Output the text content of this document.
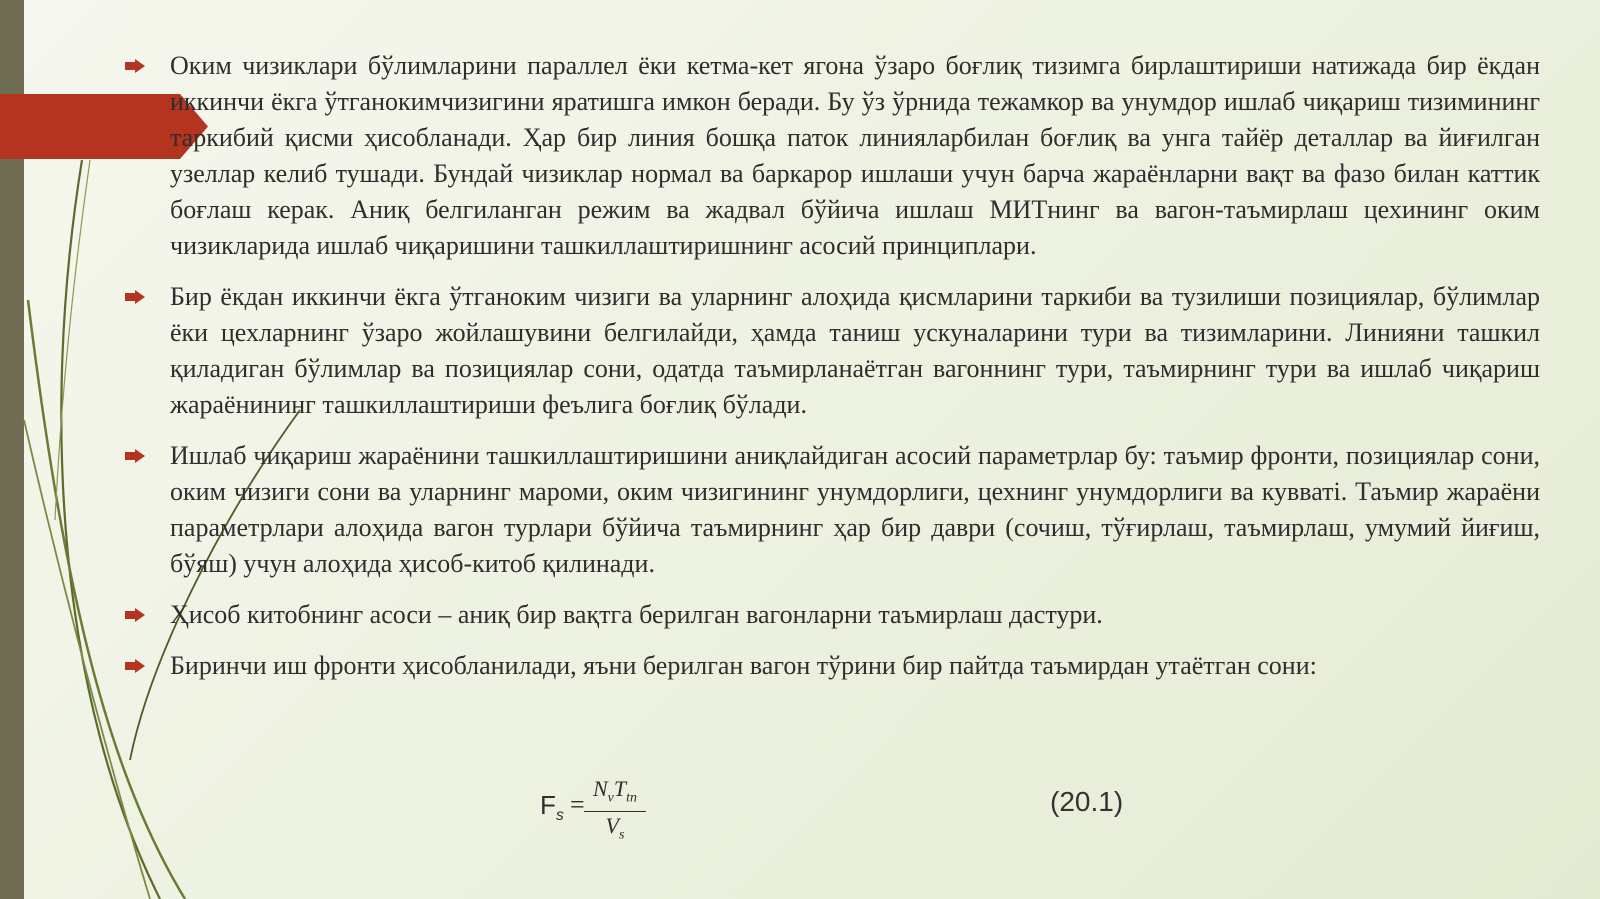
Оким чизиклари бўлимларини параллел ёки кетма-кет ягона ўзаро боғлиқ тизимга бирлаштириши натижада бир ёкдан иккинчи ёкга ўтганокимчизигини яратишга имкон беради. Бу ўз ўрнида тежамкор ва унумдор ишлаб чиқариш тизимининг таркибий қисми ҳисобланади. Ҳар бир линия бошқа паток линияларбилан боғлиқ ва унга тайёр деталлар ва йиғилган узеллар келиб тушади. Бундай чизиклар нормал ва баркарор ишлаши учун барча жараёнларни вақт ва фазо билан каттик боғлаш керак. Аниқ белгиланган режим ва жадвал бўйича ишлаш МИТнинг ва вагон-таъмирлаш цехининг оким чизикларида ишлаб чиқаришини ташкиллаштиришнинг асосий принциплари.
Бир ёкдан иккинчи ёкга ўтганоким чизиги ва уларнинг алоҳида қисмларини таркиби ва тузилиши позициялар, бўлимлар ёки цехларнинг ўзаро жойлашувини белгилайди, ҳамда таниш ускуналарини тури ва тизимларини. Линияни ташкил қиладиган бўлимлар ва позициялар сони, одатда таъмирланаётган вагоннинг тури, таъмирнинг тури ва ишлаб чиқариш жараёнининг ташкиллаштириши феълига боғлиқ бўлади.
Ишлаб чиқариш жараёнини ташкиллаштиришини аниқлайдиган асосий параметрлар бу: таъмир фронти, позициялар сони, оким чизиги сони ва уларнинг мароми, оким чизигининг унумдорлиги, цехнинг унумдорлиги ва кувватi. Таъмир жараёни параметрлари алоҳида вагон турлари бўйича таъмирнинг ҳар бир даври (сочиш, тўғирлаш, таъмирлаш, умумий йиғиш, бўяш) учун алоҳида ҳисоб-китоб қилинади.
Ҳисоб китобнинг асоси – аниқ бир вақтга берилган вагонларни таъмирлаш дастури.
Биринчи иш фронти ҳисобланилади, яъни берилган вагон тўрини бир пайтда таъмирдан утаётган сони:
$F_s$ =
$N_vT_{tn}$
$V_s$
(20.1)
